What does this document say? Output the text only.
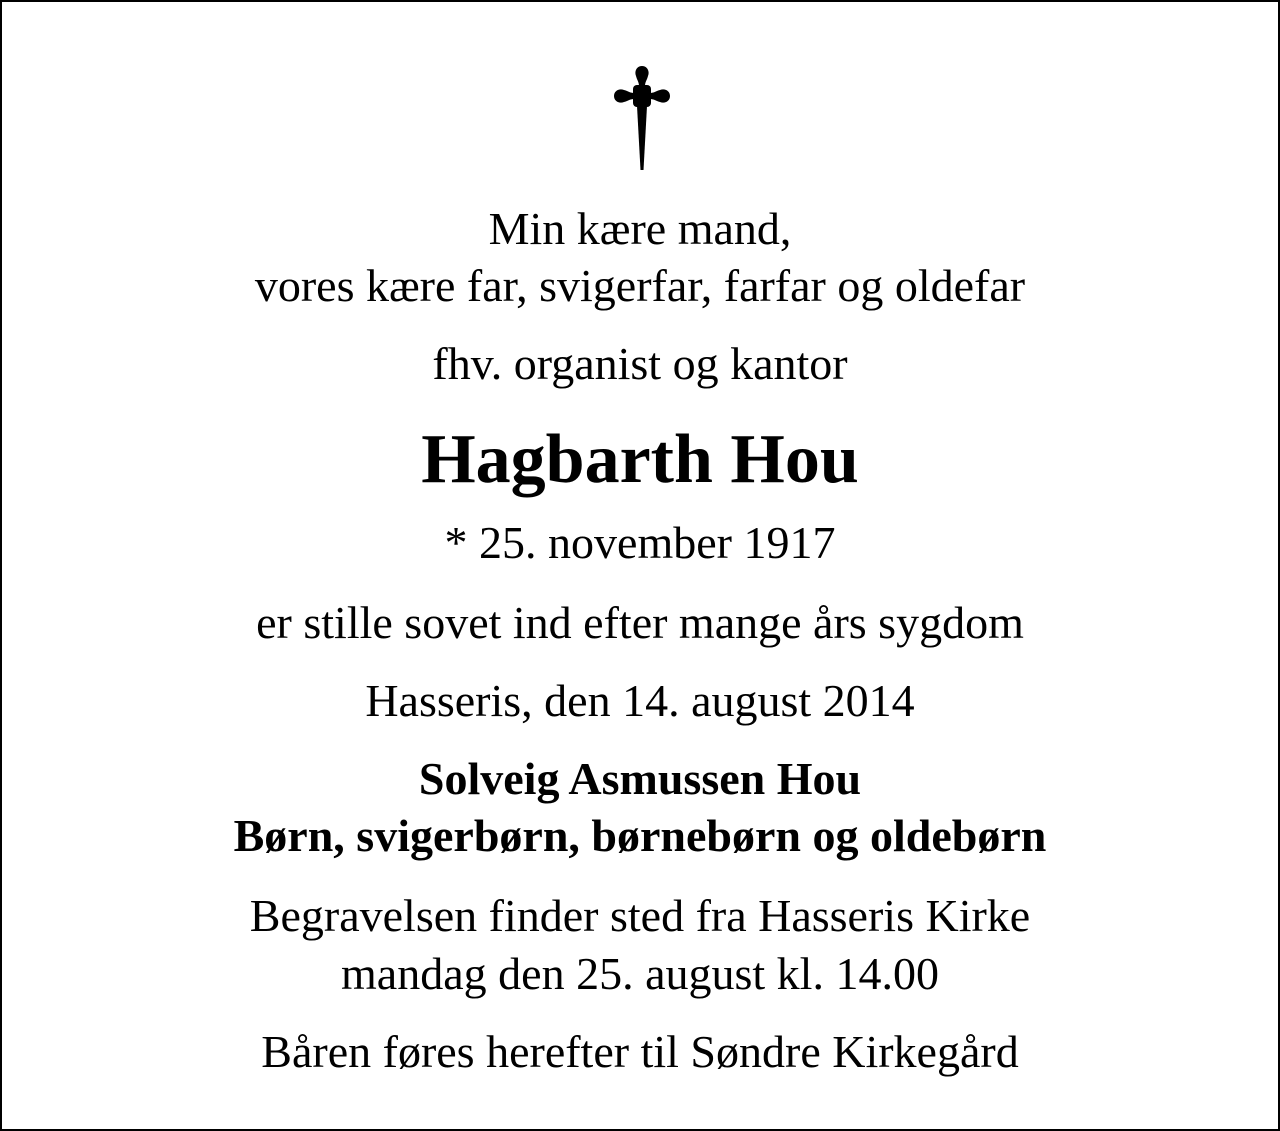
Min kære mand,
vores kære far, svigerfar, farfar og oldefar
fhv. organist og kantor
Hagbarth Hou
* 25. november 1917
er stille sovet ind efter mange års sygdom
Hasseris, den 14. august 2014
Solveig Asmussen Hou
Børn, svigerbørn, børnebørn og oldebørn
Begravelsen finder sted fra Hasseris Kirke
mandag den 25. august kl. 14.00
Båren føres herefter til Søndre Kirkegård
